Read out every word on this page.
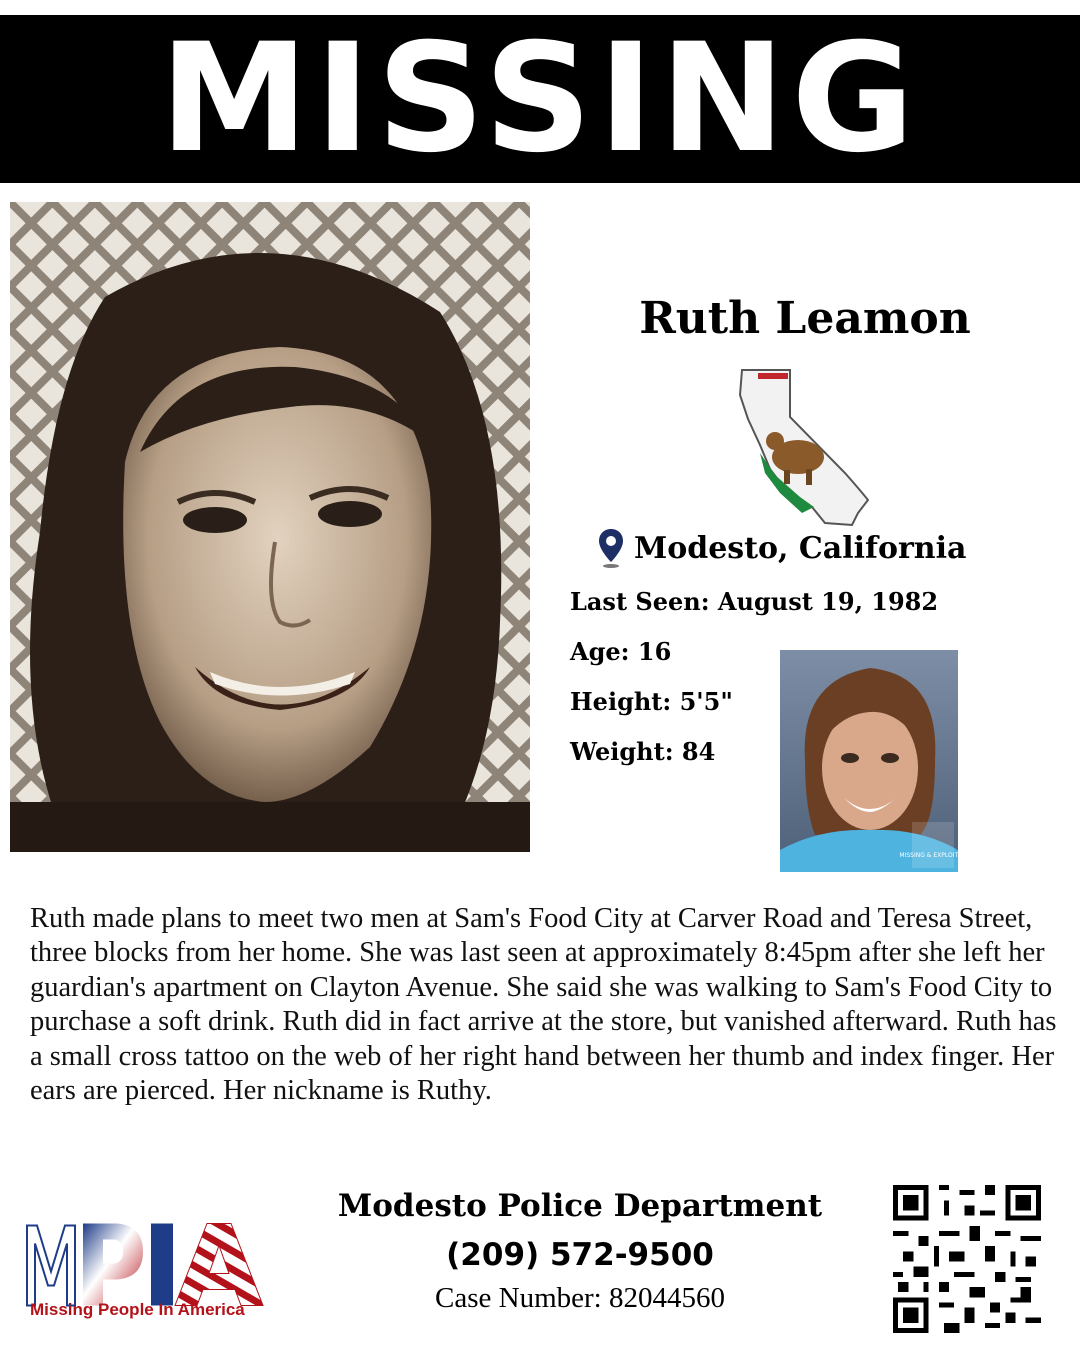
MISSING
Ruth Leamon
Modesto, California
Last Seen: August 19, 1982
Age: 16
Height: 5'5"
Weight: 84
MISSING & EXPLOITED
Ruth made plans to meet two men at Sam's Food City at Carver Road and Teresa Street, three blocks from her home. She was last seen at approximately 8:45pm after she left her guardian's apartment on Clayton Avenue. She said she was walking to Sam's Food City to purchase a soft drink. Ruth did in fact arrive at the store, but vanished afterward. Ruth has a small cross tattoo on the web of her right hand between her thumb and index finger. Her ears are pierced. Her nickname is Ruthy.
Missing People In America
Modesto Police Department
(209) 572-9500
Case Number: 82044560
